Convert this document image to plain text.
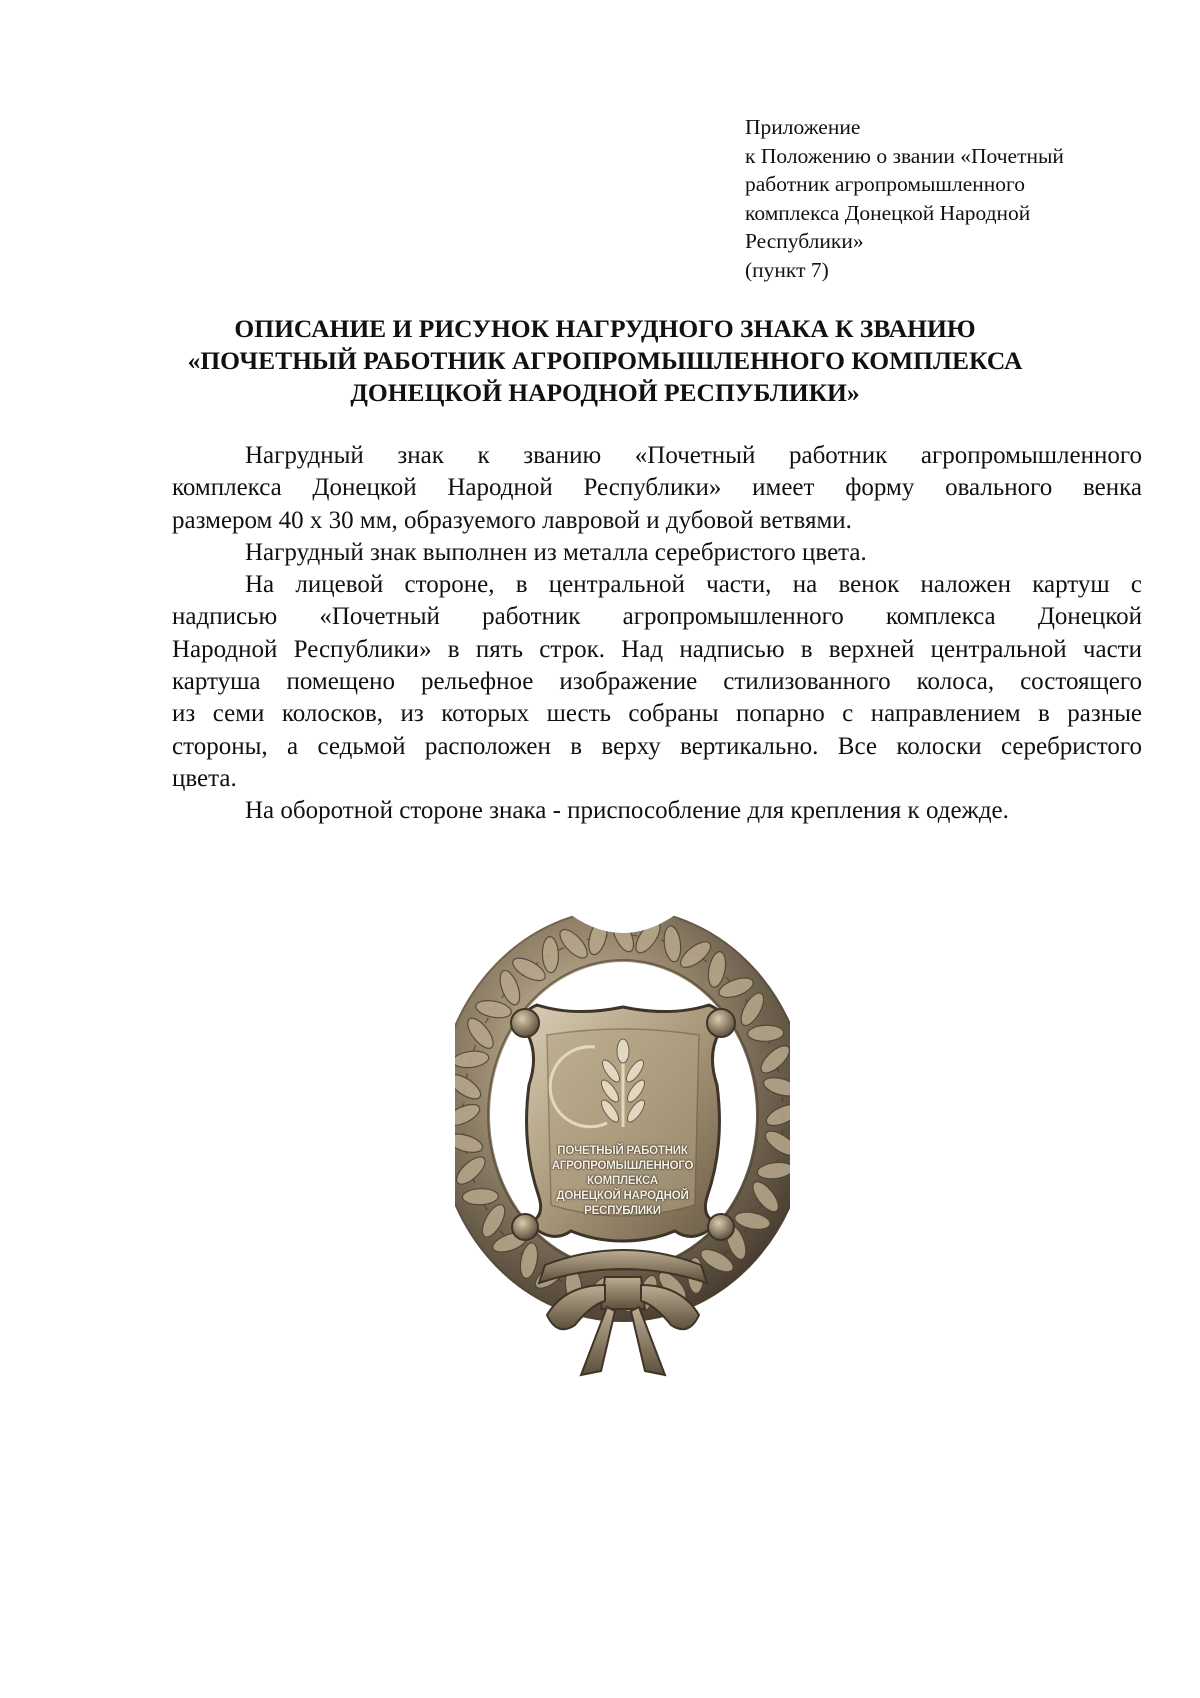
Приложение
к Положению о звании «Почетный
работник агропромышленного
комплекса Донецкой Народной
Республики»
(пункт 7)
ОПИСАНИЕ И РИСУНОК НАГРУДНОГО ЗНАКА К ЗВАНИЮ
«ПОЧЕТНЫЙ РАБОТНИК АГРОПРОМЫШЛЕННОГО КОМПЛЕКСА
ДОНЕЦКОЙ НАРОДНОЙ РЕСПУБЛИКИ»
Нагрудный знак к званию «Почетный работник агропромышленного
комплекса Донецкой Народной Республики» имеет форму овального венка
размером 40 х 30 мм, образуемого лавровой и дубовой ветвями.
Нагрудный знак выполнен из металла серебристого цвета.
На лицевой стороне, в центральной части, на венок наложен картуш с
надписью «Почетный работник агропромышленного комплекса Донецкой
Народной Республики» в пять строк. Над надписью в верхней центральной части
картуша помещено рельефное изображение стилизованного колоса, состоящего
из семи колосков, из которых шесть собраны попарно с направлением в разные
стороны, а седьмой расположен в верху вертикально. Все колоски серебристого
цвета.
На оборотной стороне знака - приспособление для крепления к одежде.
ПОЧЕТНЫЙ РАБОТНИК
АГРОПРОМЫШЛЕННОГО
КОМПЛЕКСА
ДОНЕЦКОЙ НАРОДНОЙ
РЕСПУБЛИКИ
